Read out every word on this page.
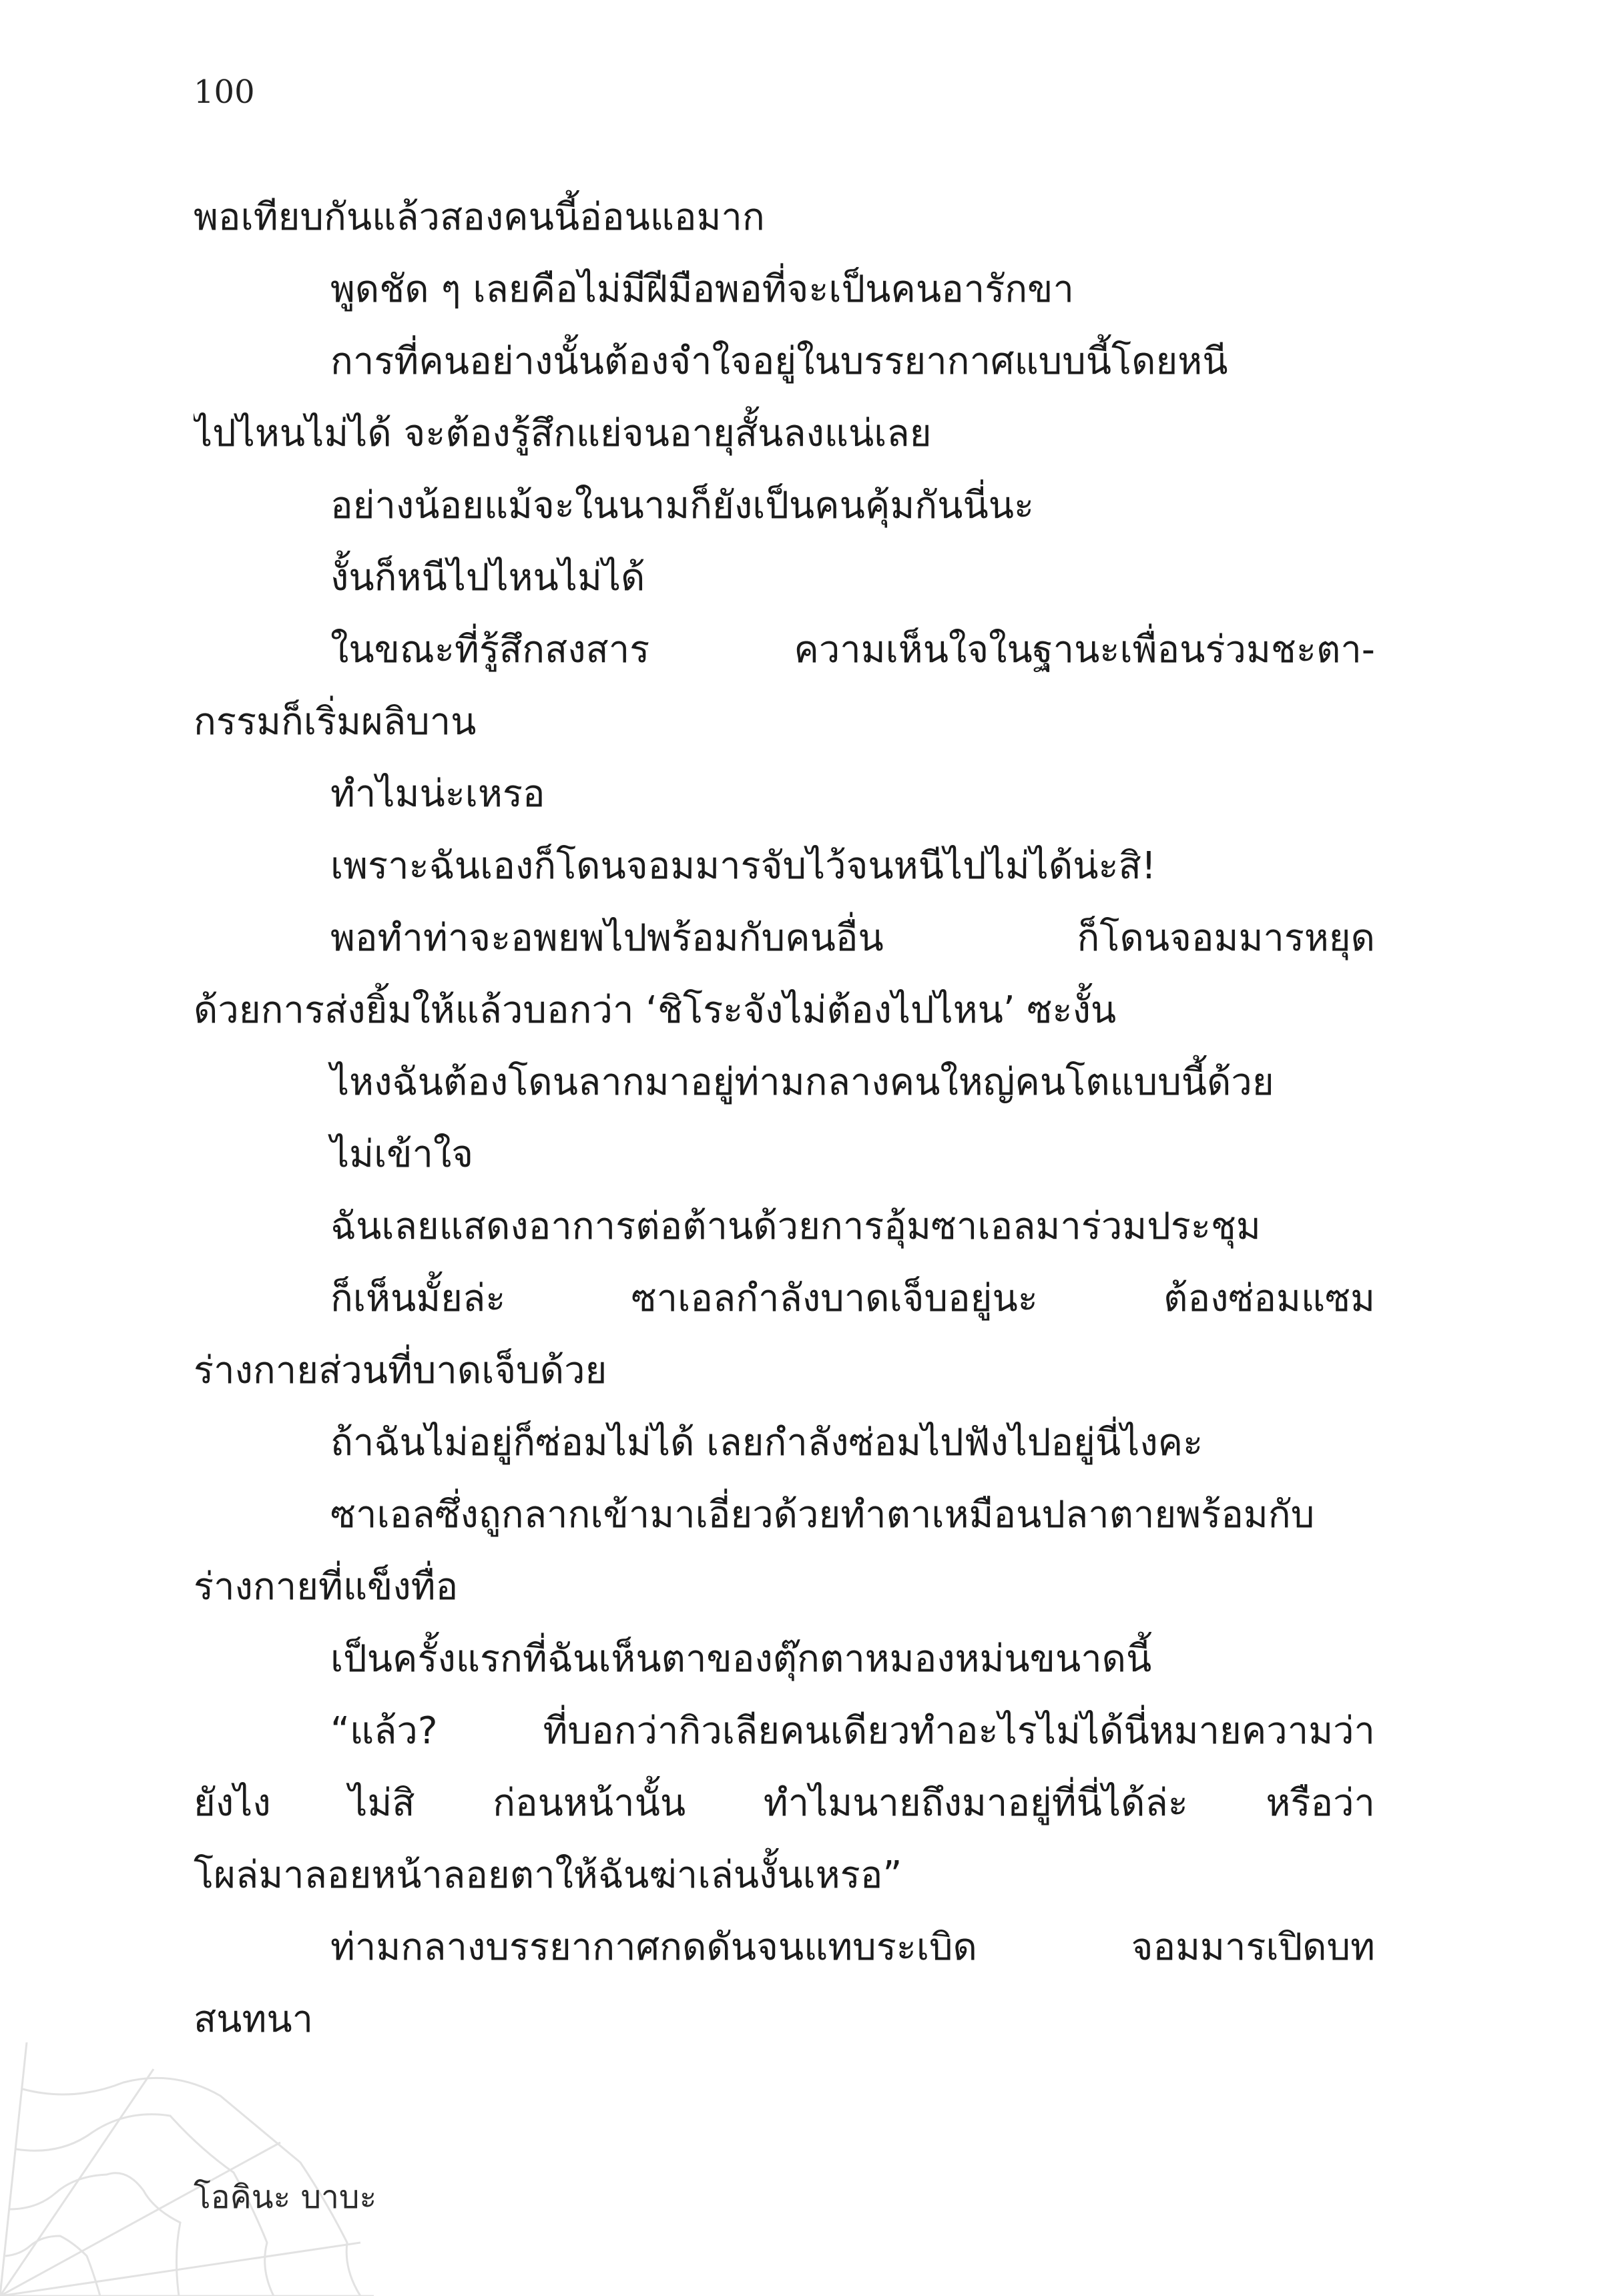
100
พอเทียบกันแล้วสองคนนี้อ่อนแอมาก
พูดชัด ๆ เลยคือไม่มีฝีมือพอที่จะเป็นคนอารักขา
การที่คนอย่างนั้นต้องจำใจอยู่ในบรรยากาศแบบนี้โดยหนี
ไปไหนไม่ได้ จะต้องรู้สึกแย่จนอายุสั้นลงแน่เลย
อย่างน้อยแม้จะในนามก็ยังเป็นคนคุ้มกันนี่นะ
งั้นก็หนีไปไหนไม่ได้
ในขณะที่รู้สึกสงสาร ความเห็นใจในฐานะเพื่อนร่วมชะตา-
กรรมก็เริ่มผลิบาน
ทำไมน่ะเหรอ
เพราะฉันเองก็โดนจอมมารจับไว้จนหนีไปไม่ได้น่ะสิ!
พอทำท่าจะอพยพไปพร้อมกับคนอื่น ก็โดนจอมมารหยุด
ด้วยการส่งยิ้มให้แล้วบอกว่า ‘ชิโระจังไม่ต้องไปไหน’ ซะงั้น
ไหงฉันต้องโดนลากมาอยู่ท่ามกลางคนใหญ่คนโตแบบนี้ด้วย
ไม่เข้าใจ
ฉันเลยแสดงอาการต่อต้านด้วยการอุ้มซาเอลมาร่วมประชุม
ก็เห็นมั้ยล่ะ ซาเอลกำลังบาดเจ็บอยู่นะ ต้องซ่อมแซม
ร่างกายส่วนที่บาดเจ็บด้วย
ถ้าฉันไม่อยู่ก็ซ่อมไม่ได้ เลยกำลังซ่อมไปฟังไปอยู่นี่ไงคะ
ซาเอลซึ่งถูกลากเข้ามาเอี่ยวด้วยทำตาเหมือนปลาตายพร้อมกับ
ร่างกายที่แข็งทื่อ
เป็นครั้งแรกที่ฉันเห็นตาของตุ๊กตาหมองหม่นขนาดนี้
“แล้ว? ที่บอกว่ากิวเลียคนเดียวทำอะไรไม่ได้นี่หมายความว่า
ยังไง ไม่สิ ก่อนหน้านั้น ทำไมนายถึงมาอยู่ที่นี่ได้ล่ะ หรือว่า
โผล่มาลอยหน้าลอยตาให้ฉันฆ่าเล่นงั้นเหรอ”
ท่ามกลางบรรยากาศกดดันจนแทบระเบิด จอมมารเปิดบท
สนทนา
โอคินะ บาบะ
